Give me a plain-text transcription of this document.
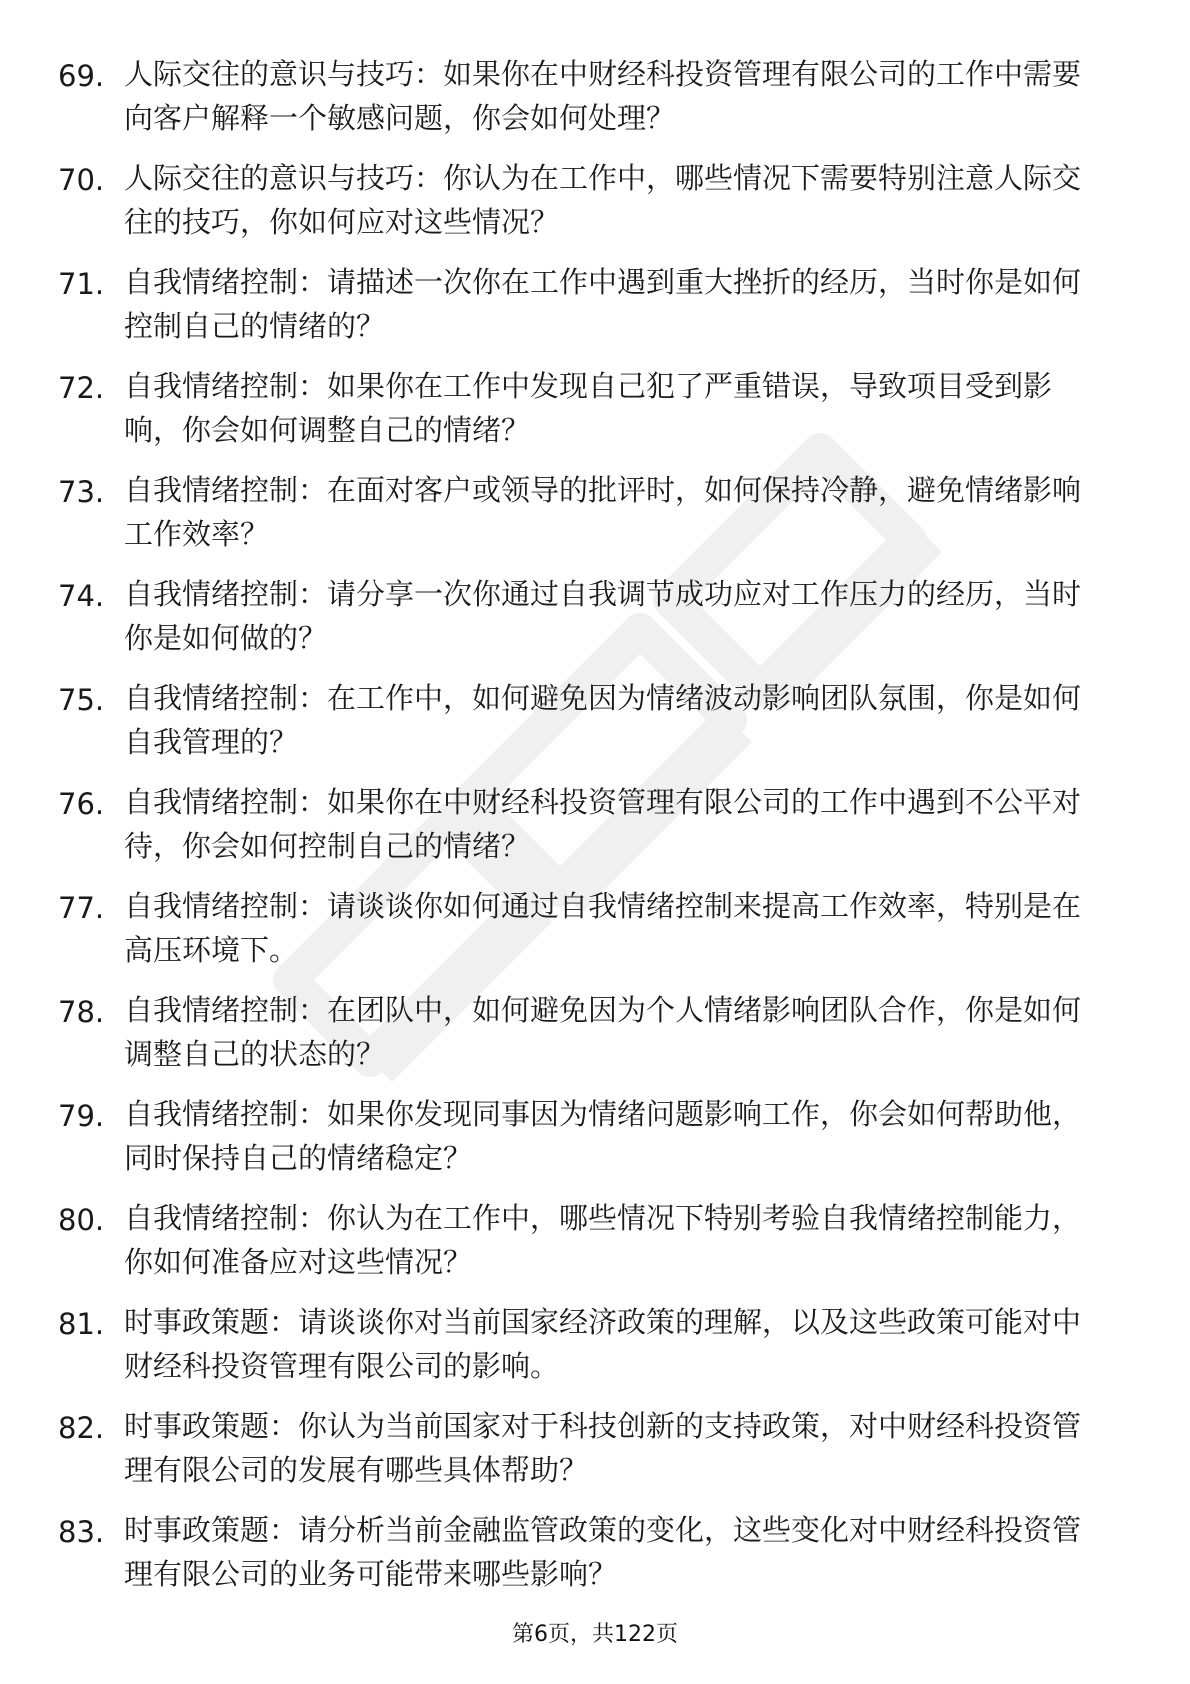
69. 人际交往的意识与技巧：如果你在中财经科投资管理有限公司的工作中需要向客户解释一个敏感问题，你会如何处理？
70. 人际交往的意识与技巧：你认为在工作中，哪些情况下需要特别注意人际交往的技巧，你如何应对这些情况？
71. 自我情绪控制：请描述一次你在工作中遇到重大挫折的经历，当时你是如何控制自己的情绪的？
72. 自我情绪控制：如果你在工作中发现自己犯了严重错误，导致项目受到影响，你会如何调整自己的情绪？
73. 自我情绪控制：在面对客户或领导的批评时，如何保持冷静，避免情绪影响工作效率？
74. 自我情绪控制：请分享一次你通过自我调节成功应对工作压力的经历，当时你是如何做的？
75. 自我情绪控制：在工作中，如何避免因为情绪波动影响团队氛围，你是如何自我管理的？
76. 自我情绪控制：如果你在中财经科投资管理有限公司的工作中遇到不公平对待，你会如何控制自己的情绪？
77. 自我情绪控制：请谈谈你如何通过自我情绪控制来提高工作效率，特别是在高压环境下。
78. 自我情绪控制：在团队中，如何避免因为个人情绪影响团队合作，你是如何调整自己的状态的？
79. 自我情绪控制：如果你发现同事因为情绪问题影响工作，你会如何帮助他，同时保持自己的情绪稳定？
80. 自我情绪控制：你认为在工作中，哪些情况下特别考验自我情绪控制能力，你如何准备应对这些情况？
81. 时事政策题：请谈谈你对当前国家经济政策的理解，以及这些政策可能对中财经科投资管理有限公司的影响。
82. 时事政策题：你认为当前国家对于科技创新的支持政策，对中财经科投资管理有限公司的发展有哪些具体帮助？
83. 时事政策题：请分析当前金融监管政策的变化，这些变化对中财经科投资管理有限公司的业务可能带来哪些影响？
第6页，共122页
